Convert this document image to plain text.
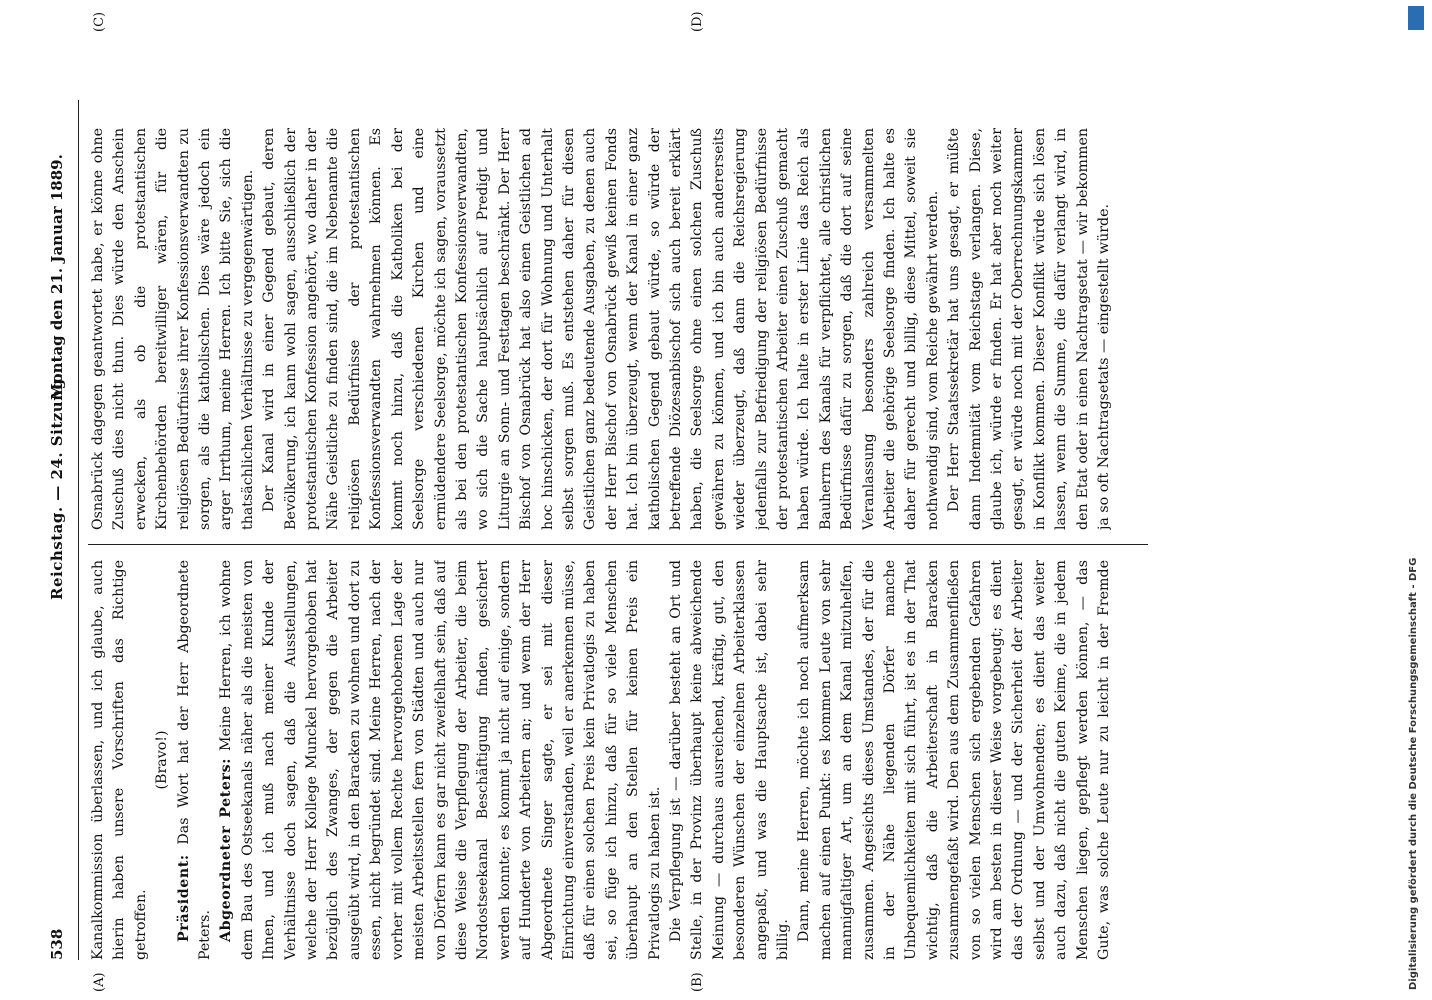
538
Reichstag. — 24. Sitzung.
Montag den 21. Januar 1889.
(A)	(B)
(C)	(D)

Kanalkommission überlassen, und ich glaube, auch hierin haben unsere Vorschriften das Richtige getroffen.

(Bravo!)

Präsident: Das Wort hat der Herr Abgeordnete Peters. Abgeordneter Peters: Meine Herren, ich wohne dem Bau des Ostseekanals näher als die meisten von Ihnen, und ich muß nach meiner Kunde der Verhältnisse doch sagen, daß die Ausstellungen, welche der Herr Kollege Munckel hervorgehoben hat bezüglich des Zwanges, der gegen die Arbeiter ausgeübt wird, in den Baracken zu wohnen und dort zu essen, nicht begründet sind. Meine Herren, nach der vorher mit vollem Rechte hervorgehobenen Lage der meisten Arbeitsstellen fern von Städten und auch nur von Dörfern kann es gar nicht zweifelhaft sein, daß auf diese Weise die Verpflegung der Arbeiter, die beim Nordostseekanal Beschäftigung finden, gesichert werden konnte; es kommt ja nicht auf einige, sondern auf Hunderte von Arbeitern an; und wenn der Herr Abgeordnete Singer sagte, er sei mit dieser Einrichtung einverstanden, weil er anerkennen müsse, daß für einen solchen Preis kein Privatlogis zu haben sei, so füge ich hinzu, daß für so viele Menschen überhaupt an den Stellen für keinen Preis ein Privatlogis zu haben ist. Die Verpflegung ist — darüber besteht an Ort und Stelle, in der Provinz überhaupt keine abweichende Meinung — durchaus ausreichend, kräftig, gut, den besonderen Wünschen der einzelnen Arbeiterklassen angepaßt, und was die Hauptsache ist, dabei sehr billig. Dann, meine Herren, möchte ich noch aufmerksam machen auf einen Punkt: es kommen Leute von sehr mannigfaltiger Art, um an dem Kanal mitzuhelfen, zusammen. Angesichts dieses Umstandes, der für die in der Nähe liegenden Dörfer manche Unbequemlichkeiten mit sich führt, ist es in der That wichtig, daß die Arbeiterschaft in Baracken zusammengefaßt wird. Den aus dem Zusammenfließen von so vielen Menschen sich ergebenden Gefahren wird am besten in dieser Weise vorgebeugt; es dient das der Ordnung — und der Sicherheit der Arbeiter selbst und der Umwohnenden; es dient das weiter auch dazu, daß nicht die guten Keime, die in jedem Menschen liegen, gepflegt werden können, — das Gute, was solche Leute nur zu leicht in der Fremde

Osnabrück dagegen geantwortet habe, er könne ohne Zuschuß dies nicht thun. Dies würde den Anschein erwecken, als ob die protestantischen Kirchenbehörden bereitwilliger wären, für die religiösen Bedürfnisse ihrer Konfessionsverwandten zu sorgen, als die katholischen. Dies wäre jedoch ein arger Irrthum, meine Herren. Ich bitte Sie, sich die thatsächlichen Verhältnisse zu vergegenwärtigen. Der Kanal wird in einer Gegend gebaut, deren Bevölkerung, ich kann wohl sagen, ausschließlich der protestantischen Konfession angehört, wo daher in der Nähe Geistliche zu finden sind, die im Nebenamte die religiösen Bedürfnisse der protestantischen Konfessionsverwandten wahrnehmen können. Es kommt noch hinzu, daß die Katholiken bei der Seelsorge verschiedenen Kirchen und eine ermüdendere Seelsorge, möchte ich sagen, voraussetzt als bei den protestantischen Konfessionsverwandten, wo sich die Sache hauptsächlich auf Predigt und Liturgie an Sonn- und Festtagen beschränkt. Der Herr Bischof von Osnabrück hat also einen Geistlichen ad hoc hinschicken, der dort für Wohnung und Unterhalt selbst sorgen muß. Es entstehen daher für diesen Geistlichen ganz bedeutende Ausgaben, zu denen auch der Herr Bischof von Osnabrück gewiß keinen Fonds hat. Ich bin überzeugt, wenn der Kanal in einer ganz katholischen Gegend gebaut würde, so würde der betreffende Diözesanbischof sich auch bereit erklärt haben, die Seelsorge ohne einen solchen Zuschuß gewähren zu können, und ich bin auch andererseits wieder überzeugt, daß dann die Reichsregierung jedenfalls zur Befriedigung der religiösen Bedürfnisse der protestantischen Arbeiter einen Zuschuß gemacht haben würde. Ich halte in erster Linie das Reich als Bauherrn des Kanals für verpflichtet, alle christlichen Bedürfnisse dafür zu sorgen, daß die dort auf seine Veranlassung besonders zahlreich versammelten Arbeiter die gehörige Seelsorge finden. Ich halte es daher für gerecht und billig, diese Mittel, soweit sie nothwendig sind, vom Reiche gewährt werden. Der Herr Staatssekretär hat uns gesagt, er müßte dann Indemnität vom Reichstage verlangen. Diese, glaube ich, würde er finden. Er hat aber noch weiter gesagt, er würde noch mit der Oberrechnungskammer in Konflikt kommen. Dieser Konflikt würde sich lösen lassen, wenn die Summe, die dafür verlangt wird, in den Etat oder in einen Nachtragsetat — wir bekommen ja so oft Nachtragsetats — eingestellt würde.

Digitalisierung gefördert durch die Deutsche Forschungsgemeinschaft - DFG
